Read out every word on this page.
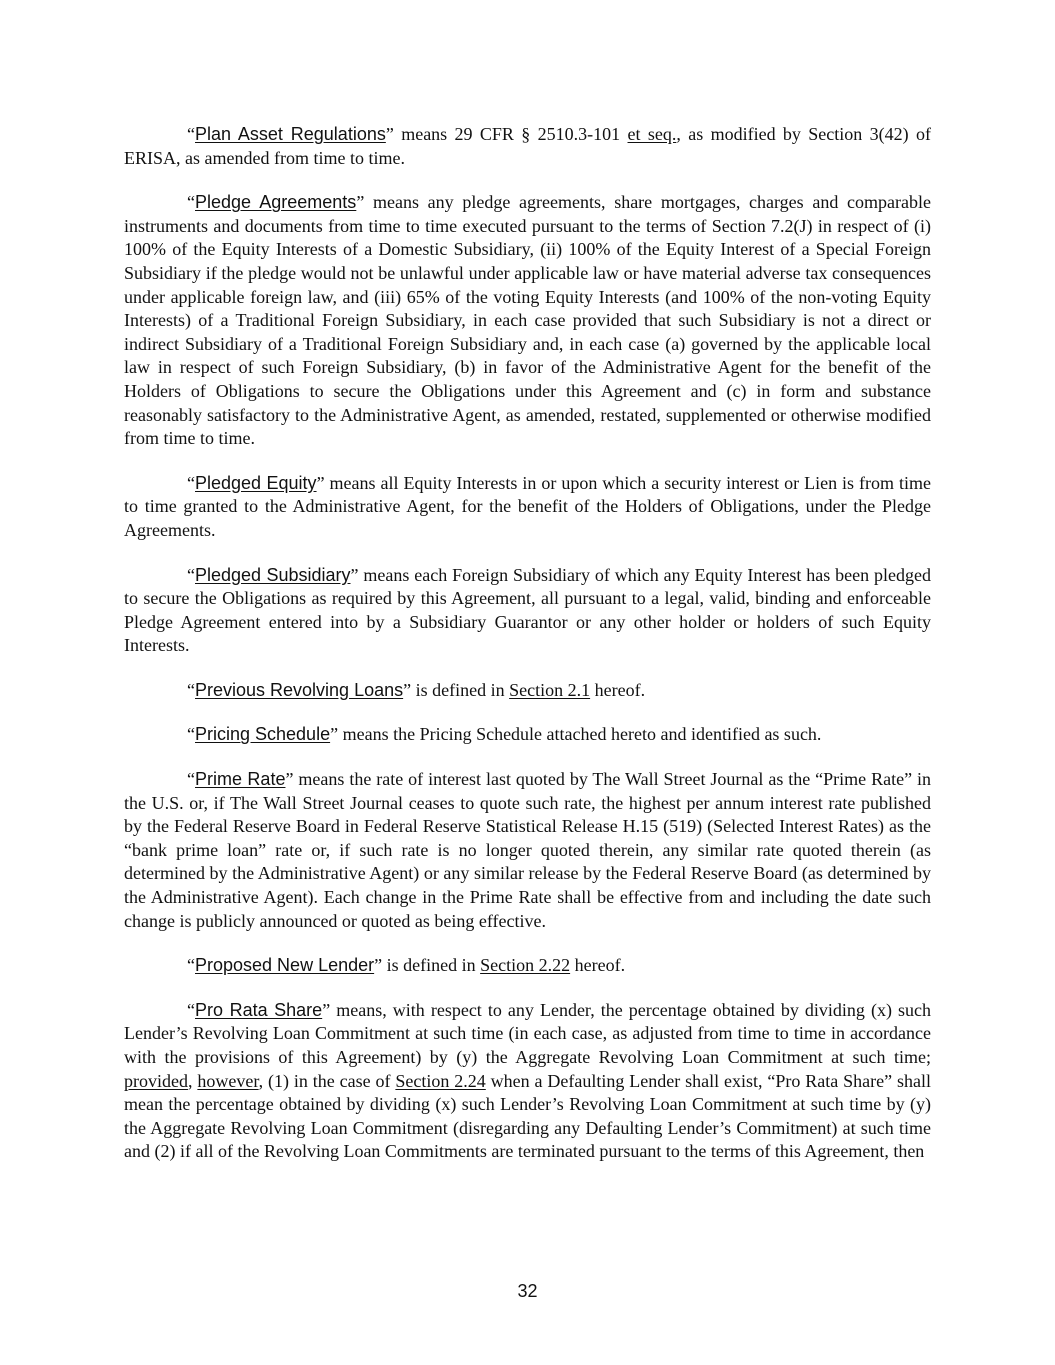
“Plan Asset Regulations” means 29 CFR § 2510.3-101 et seq., as modified by Section 3(42) of ERISA, as amended from time to time.

“Pledge Agreements” means any pledge agreements, share mortgages, charges and comparable instruments and documents from time to time executed pursuant to the terms of Section 7.2(J) in respect of (i) 100% of the Equity Interests of a Domestic Subsidiary, (ii) 100% of the Equity Interest of a Special Foreign Subsidiary if the pledge would not be unlawful under applicable law or have material adverse tax consequences under applicable foreign law, and (iii) 65% of the voting Equity Interests (and 100% of the non-voting Equity Interests) of a Traditional Foreign Subsidiary, in each case provided that such Subsidiary is not a direct or indirect Subsidiary of a Traditional Foreign Subsidiary and, in each case (a) governed by the applicable local law in respect of such Foreign Subsidiary, (b) in favor of the Administrative Agent for the benefit of the Holders of Obligations to secure the Obligations under this Agreement and (c) in form and substance reasonably satisfactory to the Administrative Agent, as amended, restated, supplemented or otherwise modified from time to time.

“Pledged Equity” means all Equity Interests in or upon which a security interest or Lien is from time to time granted to the Administrative Agent, for the benefit of the Holders of Obligations, under the Pledge Agreements.

“Pledged Subsidiary” means each Foreign Subsidiary of which any Equity Interest has been pledged to secure the Obligations as required by this Agreement, all pursuant to a legal, valid, binding and enforceable Pledge Agreement entered into by a Subsidiary Guarantor or any other holder or holders of such Equity Interests.

“Previous Revolving Loans” is defined in Section 2.1 hereof.

“Pricing Schedule” means the Pricing Schedule attached hereto and identified as such.

“Prime Rate” means the rate of interest last quoted by The Wall Street Journal as the “Prime Rate” in the U.S. or, if The Wall Street Journal ceases to quote such rate, the highest per annum interest rate published by the Federal Reserve Board in Federal Reserve Statistical Release H.15 (519) (Selected Interest Rates) as the “bank prime loan” rate or, if such rate is no longer quoted therein, any similar rate quoted therein (as determined by the Administrative Agent) or any similar release by the Federal Reserve Board (as determined by the Administrative Agent). Each change in the Prime Rate shall be effective from and including the date such change is publicly announced or quoted as being effective.

“Proposed New Lender” is defined in Section 2.22 hereof.

“Pro Rata Share” means, with respect to any Lender, the percentage obtained by dividing (x) such Lender’s Revolving Loan Commitment at such time (in each case, as adjusted from time to time in accordance with the provisions of this Agreement) by (y) the Aggregate Revolving Loan Commitment at such time; provided, however, (1) in the case of Section 2.24 when a Defaulting Lender shall exist, “Pro Rata Share” shall mean the percentage obtained by dividing (x) such Lender’s Revolving Loan Commitment at such time by (y) the Aggregate Revolving Loan Commitment (disregarding any Defaulting Lender’s Commitment) at such time and (2) if all of the Revolving Loan Commitments are terminated pursuant to the terms of this Agreement, then

32
